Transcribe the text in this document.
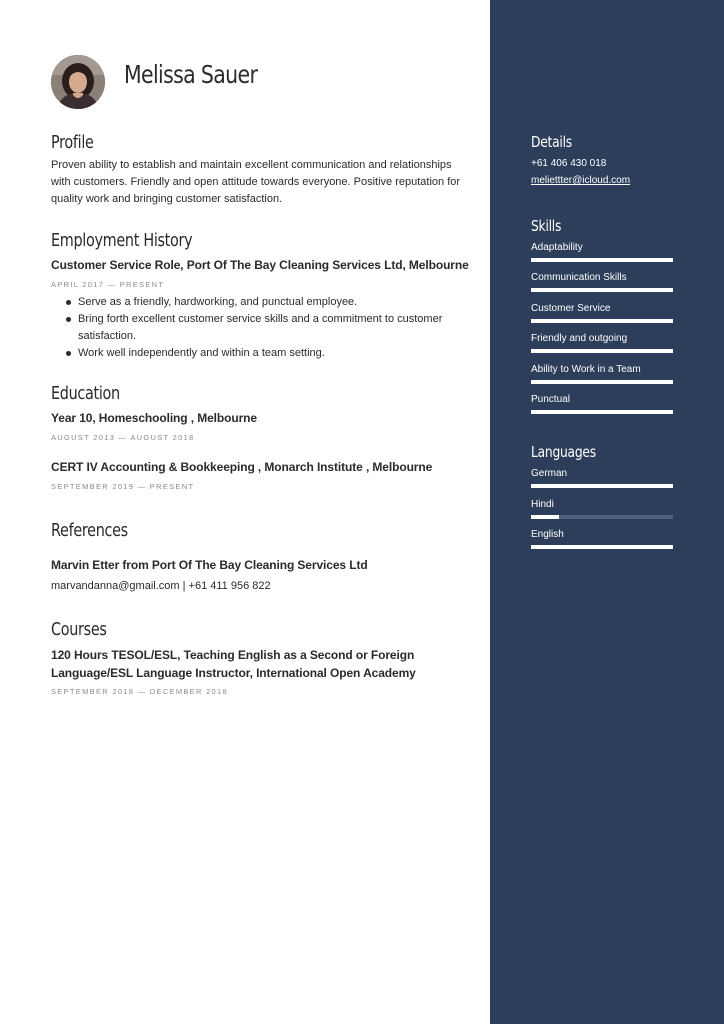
Melissa Sauer
Profile

Proven ability to establish and maintain excellent communication and relationships with customers. Friendly and open attitude towards everyone. Positive reputation for quality work and bringing customer satisfaction.

Employment History
Customer Service Role, Port Of The Bay Cleaning Services Ltd, Melbourne
APRIL 2017 — PRESENT
Serve as a friendly, hardworking, and punctual employee.
Bring forth excellent customer service skills and a commitment to customer satisfaction.
Work well independently and within a team setting.
Education
Year 10, Homeschooling , Melbourne
AUGUST 2013 — AUGUST 2018
CERT IV Accounting & Bookkeeping , Monarch Institute , Melbourne
SEPTEMBER 2019 — PRESENT
References
Marvin Etter from Port Of The Bay Cleaning Services Ltd
marvandanna@gmail.com | +61 411 956 822
Courses
120 Hours TESOL/ESL, Teaching English as a Second or Foreign Language/ESL Language Instructor, International Open Academy
SEPTEMBER 2018 — DECEMBER 2018
Details
+61 406 430 018
meliettter@icloud.com
Skills
Adaptability
Communication Skills
Customer Service
Friendly and outgoing
Ability to Work in a Team
Punctual
Languages
German
Hindi
English
